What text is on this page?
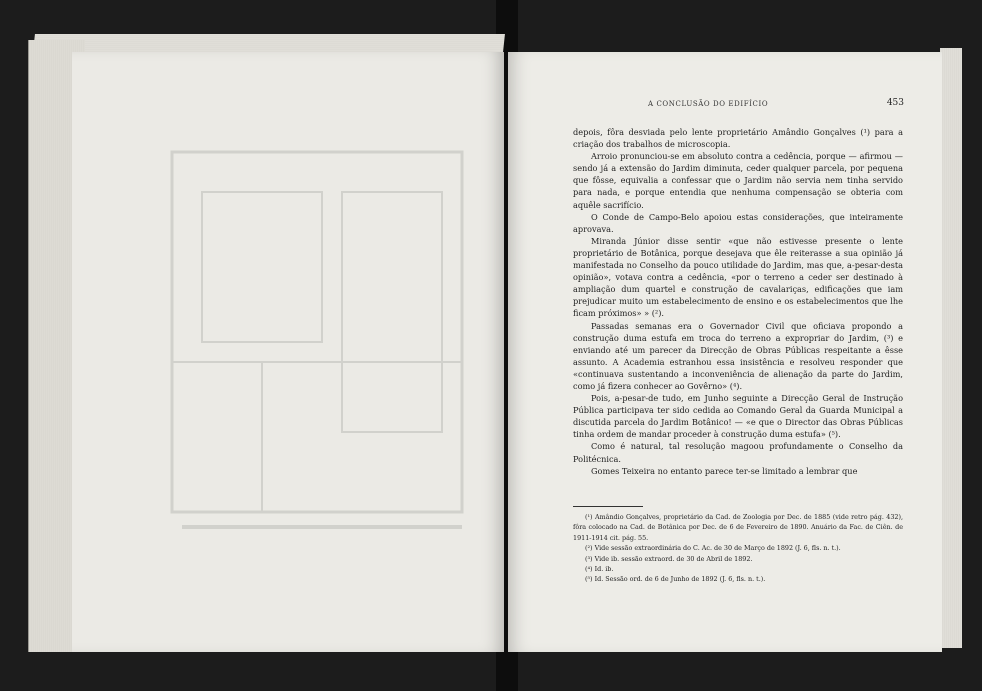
A CONCLUSÃO DO EDIFÍCIO	453

depois, fôra desviada pelo lente proprietário Amândio Gonçalves (¹) para a criação dos trabalhos de microscopia.

Arroio pronunciou-se em absoluto contra a cedência, porque — afirmou — sendo já a extensão do Jardim diminuta, ceder qualquer parcela, por pequena que fôsse, equivalia a confessar que o Jardim não servia nem tinha servido para nada, e porque entendia que nenhuma compensação se obteria com aquêle sacrifício.

O Conde de Campo-Belo apoiou estas considerações, que inteiramente aprovava.

Miranda Júnior disse sentir «que não estivesse presente o lente proprietário de Botânica, porque desejava que êle reiterasse a sua opinião já manifestada no Conselho da pouco utilidade do Jardim, mas que, a-pesar-desta opinião», votava contra a cedência, «por o terreno a ceder ser destinado à ampliação dum quartel e construção de cavalariças, edificações que iam prejudicar muito um estabelecimento de ensino e os estabelecimentos que lhe ficam próximos» » (²).

Passadas semanas era o Governador Civil que oficiava propondo a construção duma estufa em troca do terreno a expropriar do Jardim, (³) e enviando até um parecer da Direcção de Obras Públicas respeitante a êsse assunto. A Academia estranhou essa insistência e resolveu responder que «continuava sustentando a inconveniência de alienação da parte do Jardim, como já fizera conhecer ao Govêrno» (⁴).

Pois, a-pesar-de tudo, em Junho seguinte a Direcção Geral de Instrução Pública participava ter sido cedida ao Comando Geral da Guarda Municipal a discutida parcela do Jardim Botânico! — «e que o Director das Obras Públicas tinha ordem de mandar proceder à construção duma estufa» (⁵).

Como é natural, tal resolução magoou profundamente o Conselho da Politécnica.

Gomes Teixeira no entanto parece ter-se limitado a lembrar que

(¹) Amândio Gonçalves, proprietário da Cad. de Zoologia por Dec. de 1885 (vide retro pág. 432), fôra colocado na Cad. de Botânica por Dec. de 6 de Fevereiro de 1890. Anuário da Fac. de Ciên. de 1911-1914 cit. pág. 55.

(²) Vide sessão extraordinária do C. Ac. de 30 de Março de 1892 (J. 6, fls. n. t.).

(³) Vide ib. sessão extraord. de 30 de Abril de 1892.

(⁴) Id. ib.

(⁵) Id. Sessão ord. de 6 de Junho de 1892 (J. 6, fls. n. t.).
